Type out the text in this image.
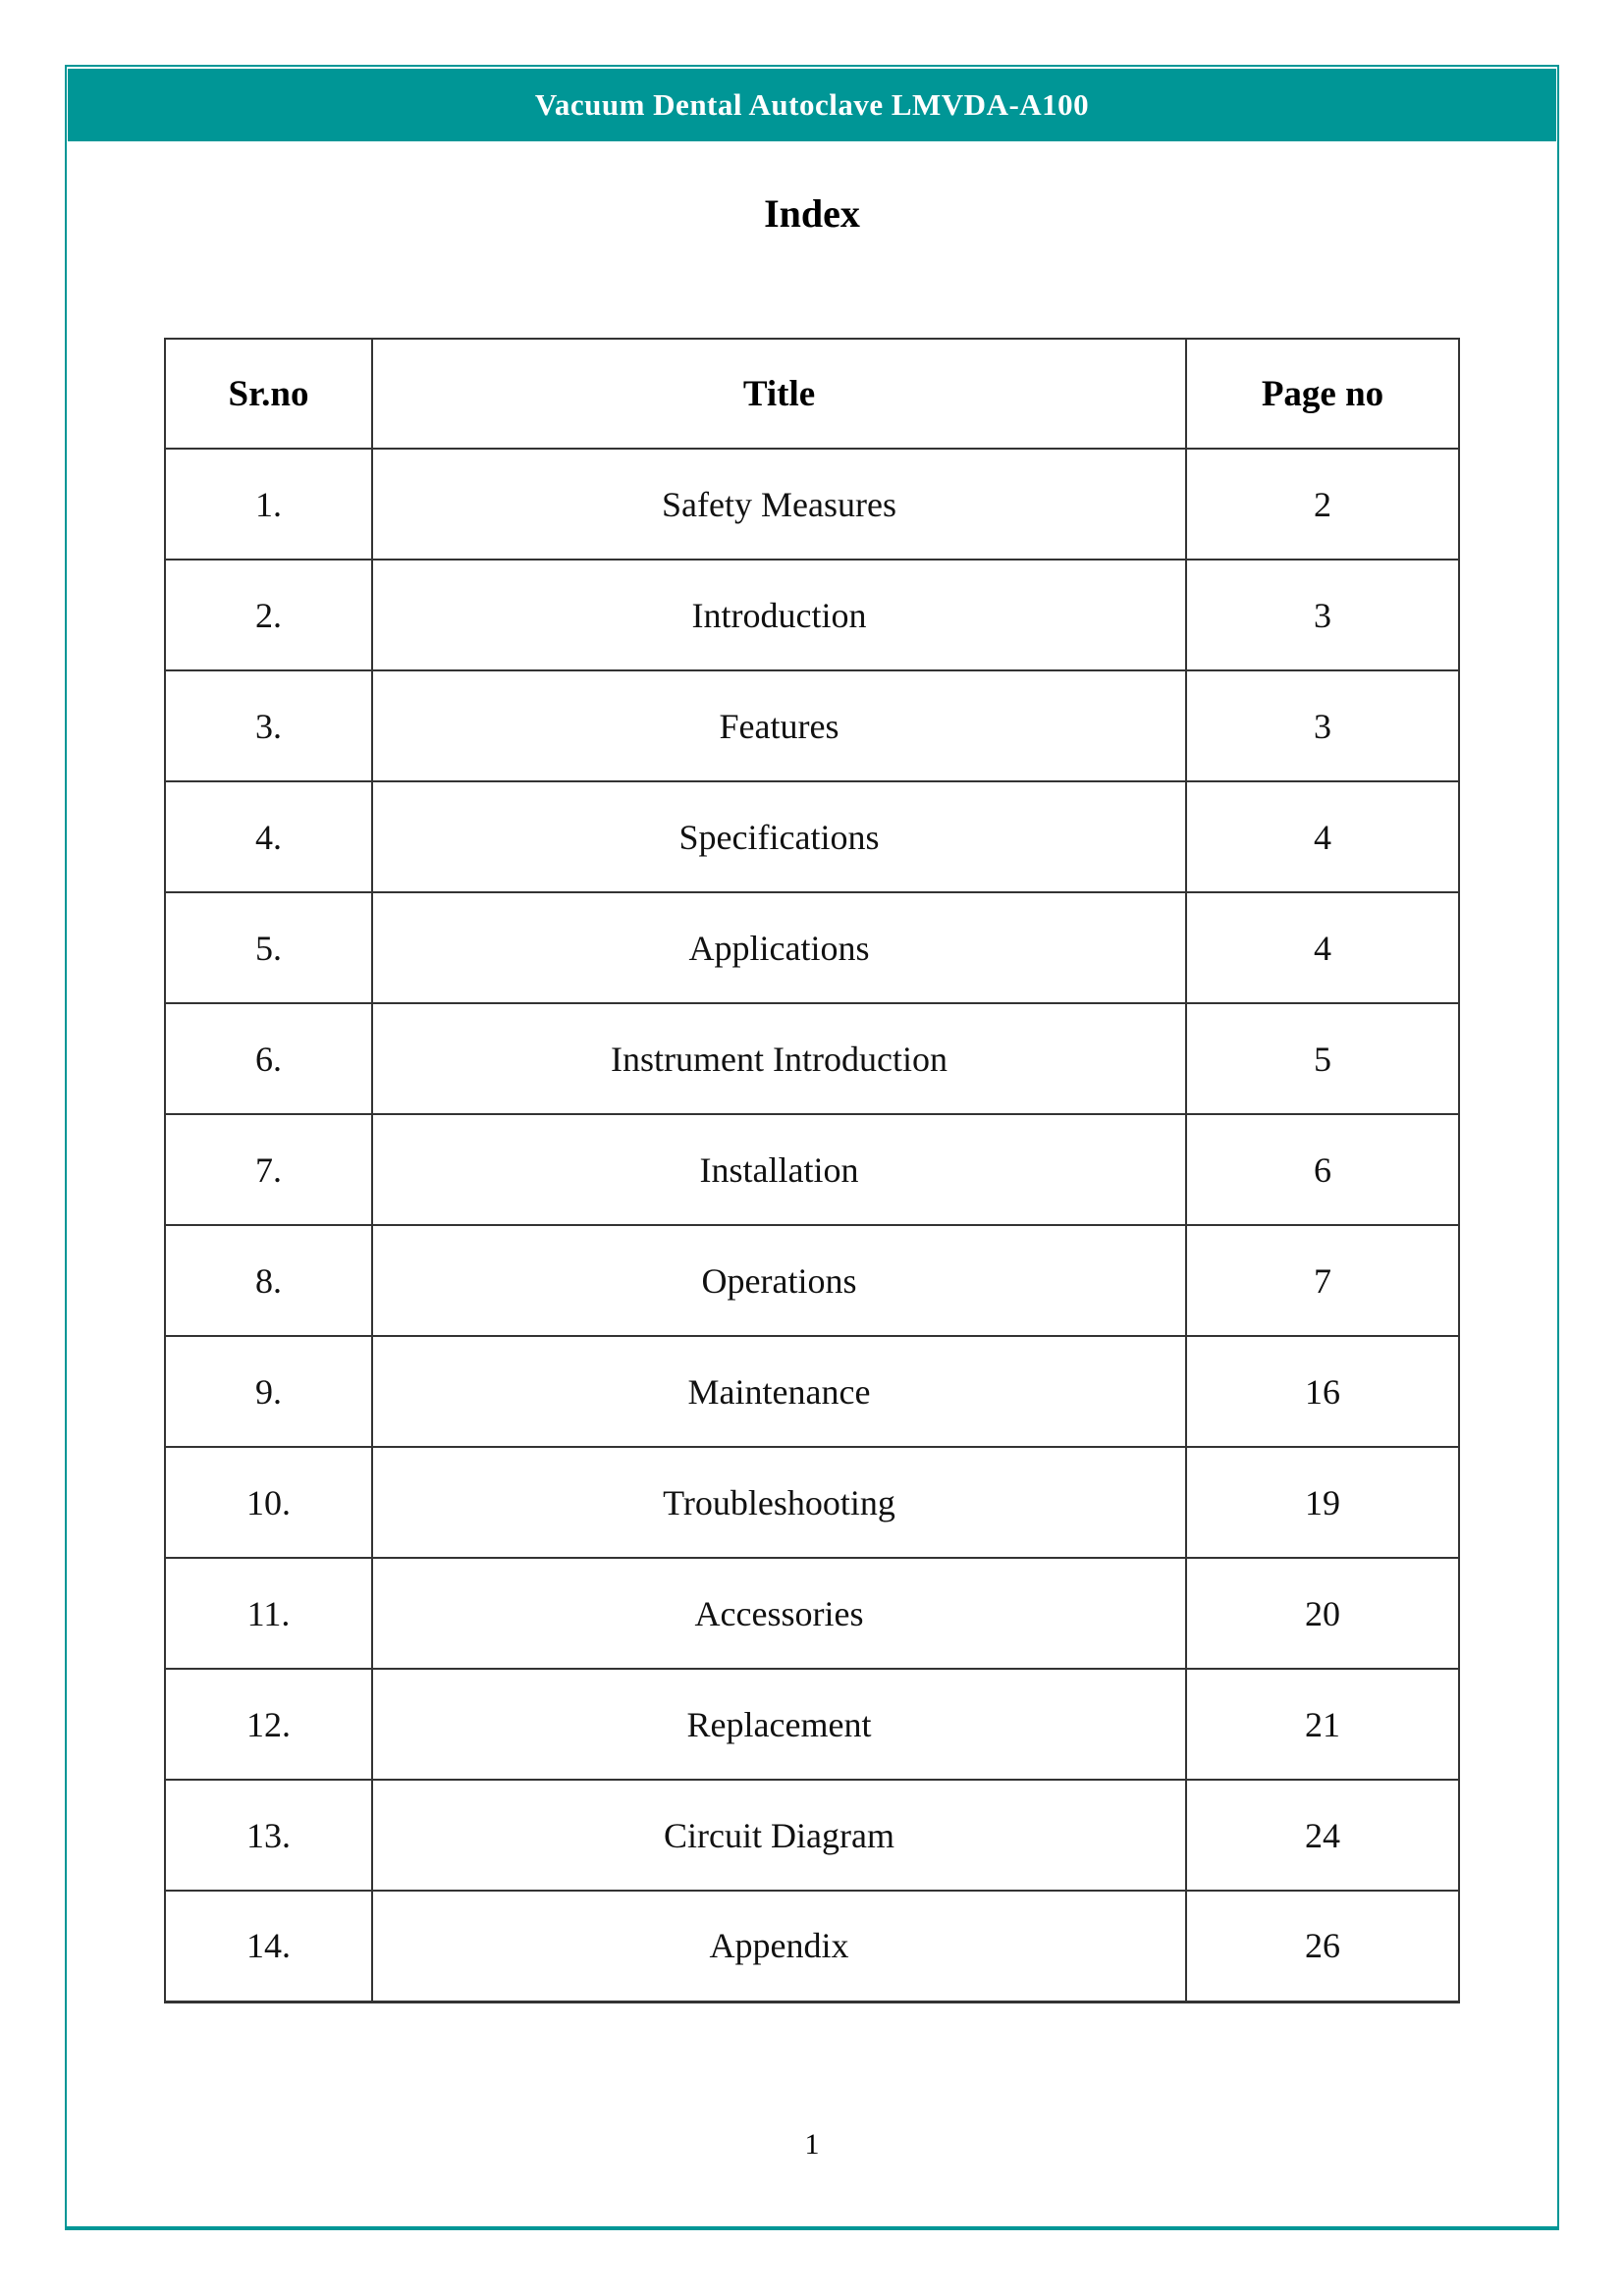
Vacuum Dental Autoclave LMVDA-A100
Index
Sr.no	Title	Page no
1.	Safety Measures	2
2.	Introduction	3
3.	Features	3
4.	Specifications	4
5.	Applications	4
6.	Instrument Introduction	5
7.	Installation	6
8.	Operations	7
9.	Maintenance	16
10.	Troubleshooting	19
11.	Accessories	20
12.	Replacement	21
13.	Circuit Diagram	24
14.	Appendix	26
1
